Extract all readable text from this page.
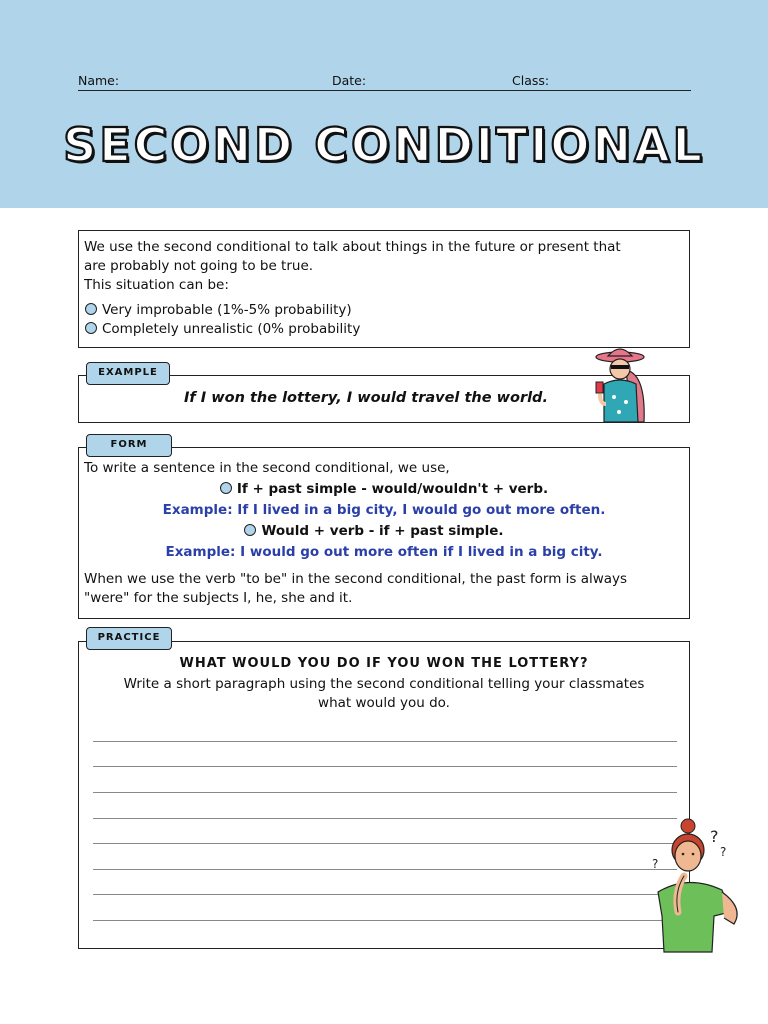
Name:	Date:	Class:
SECOND CONDITIONAL
We use the second conditional to talk about things in the future or present that
are probably not going to be true.
This situation can be:
Very improbable (1%-5% probability)
Completely unrealistic (0% probability
EXAMPLE
If I won the lottery, I would travel the world.
FORM
To write a sentence in the second conditional, we use,
If + past simple - would/wouldn't + verb.
Example: If I lived in a big city, I would go out more often.
Would + verb - if + past simple.
Example: I would go out more often if I lived in a big city.
When we use the verb "to be" in the second conditional, the past form is always
"were" for the subjects I, he, she and it.
PRACTICE
WHAT WOULD YOU DO IF YOU WON THE LOTTERY?
Write a short paragraph using the second conditional telling your classmates
what would you do.
?
?
?
